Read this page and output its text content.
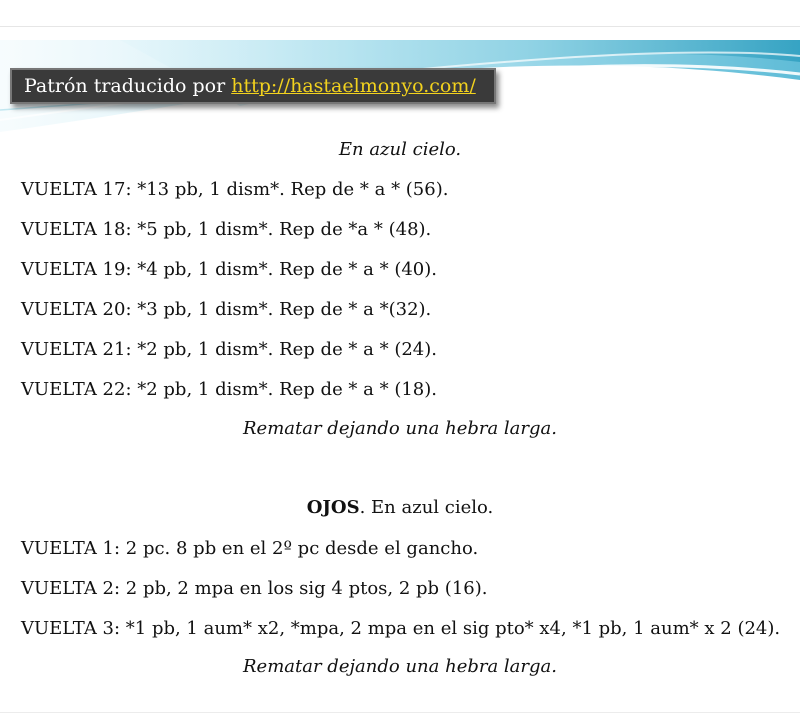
Patrón traducido por http://hastaelmonyo.com/
En azul cielo.
VUELTA 17: *13 pb, 1 dism*. Rep de * a * (56).
VUELTA 18: *5 pb, 1 dism*. Rep de *a * (48).
VUELTA 19: *4 pb, 1 dism*. Rep de * a * (40).
VUELTA 20: *3 pb, 1 dism*. Rep de * a *(32).
VUELTA 21: *2 pb, 1 dism*. Rep de * a * (24).
VUELTA 22: *2 pb, 1 dism*. Rep de * a * (18).
Rematar dejando una hebra larga.
OJOS. En azul cielo.
VUELTA 1: 2 pc. 8 pb en el 2º pc desde el gancho.
VUELTA 2: 2 pb, 2 mpa en los sig 4 ptos, 2 pb (16).
VUELTA 3: *1 pb, 1 aum* x2, *mpa, 2 mpa en el sig pto* x4, *1 pb, 1 aum* x 2 (24).
Rematar dejando una hebra larga.
